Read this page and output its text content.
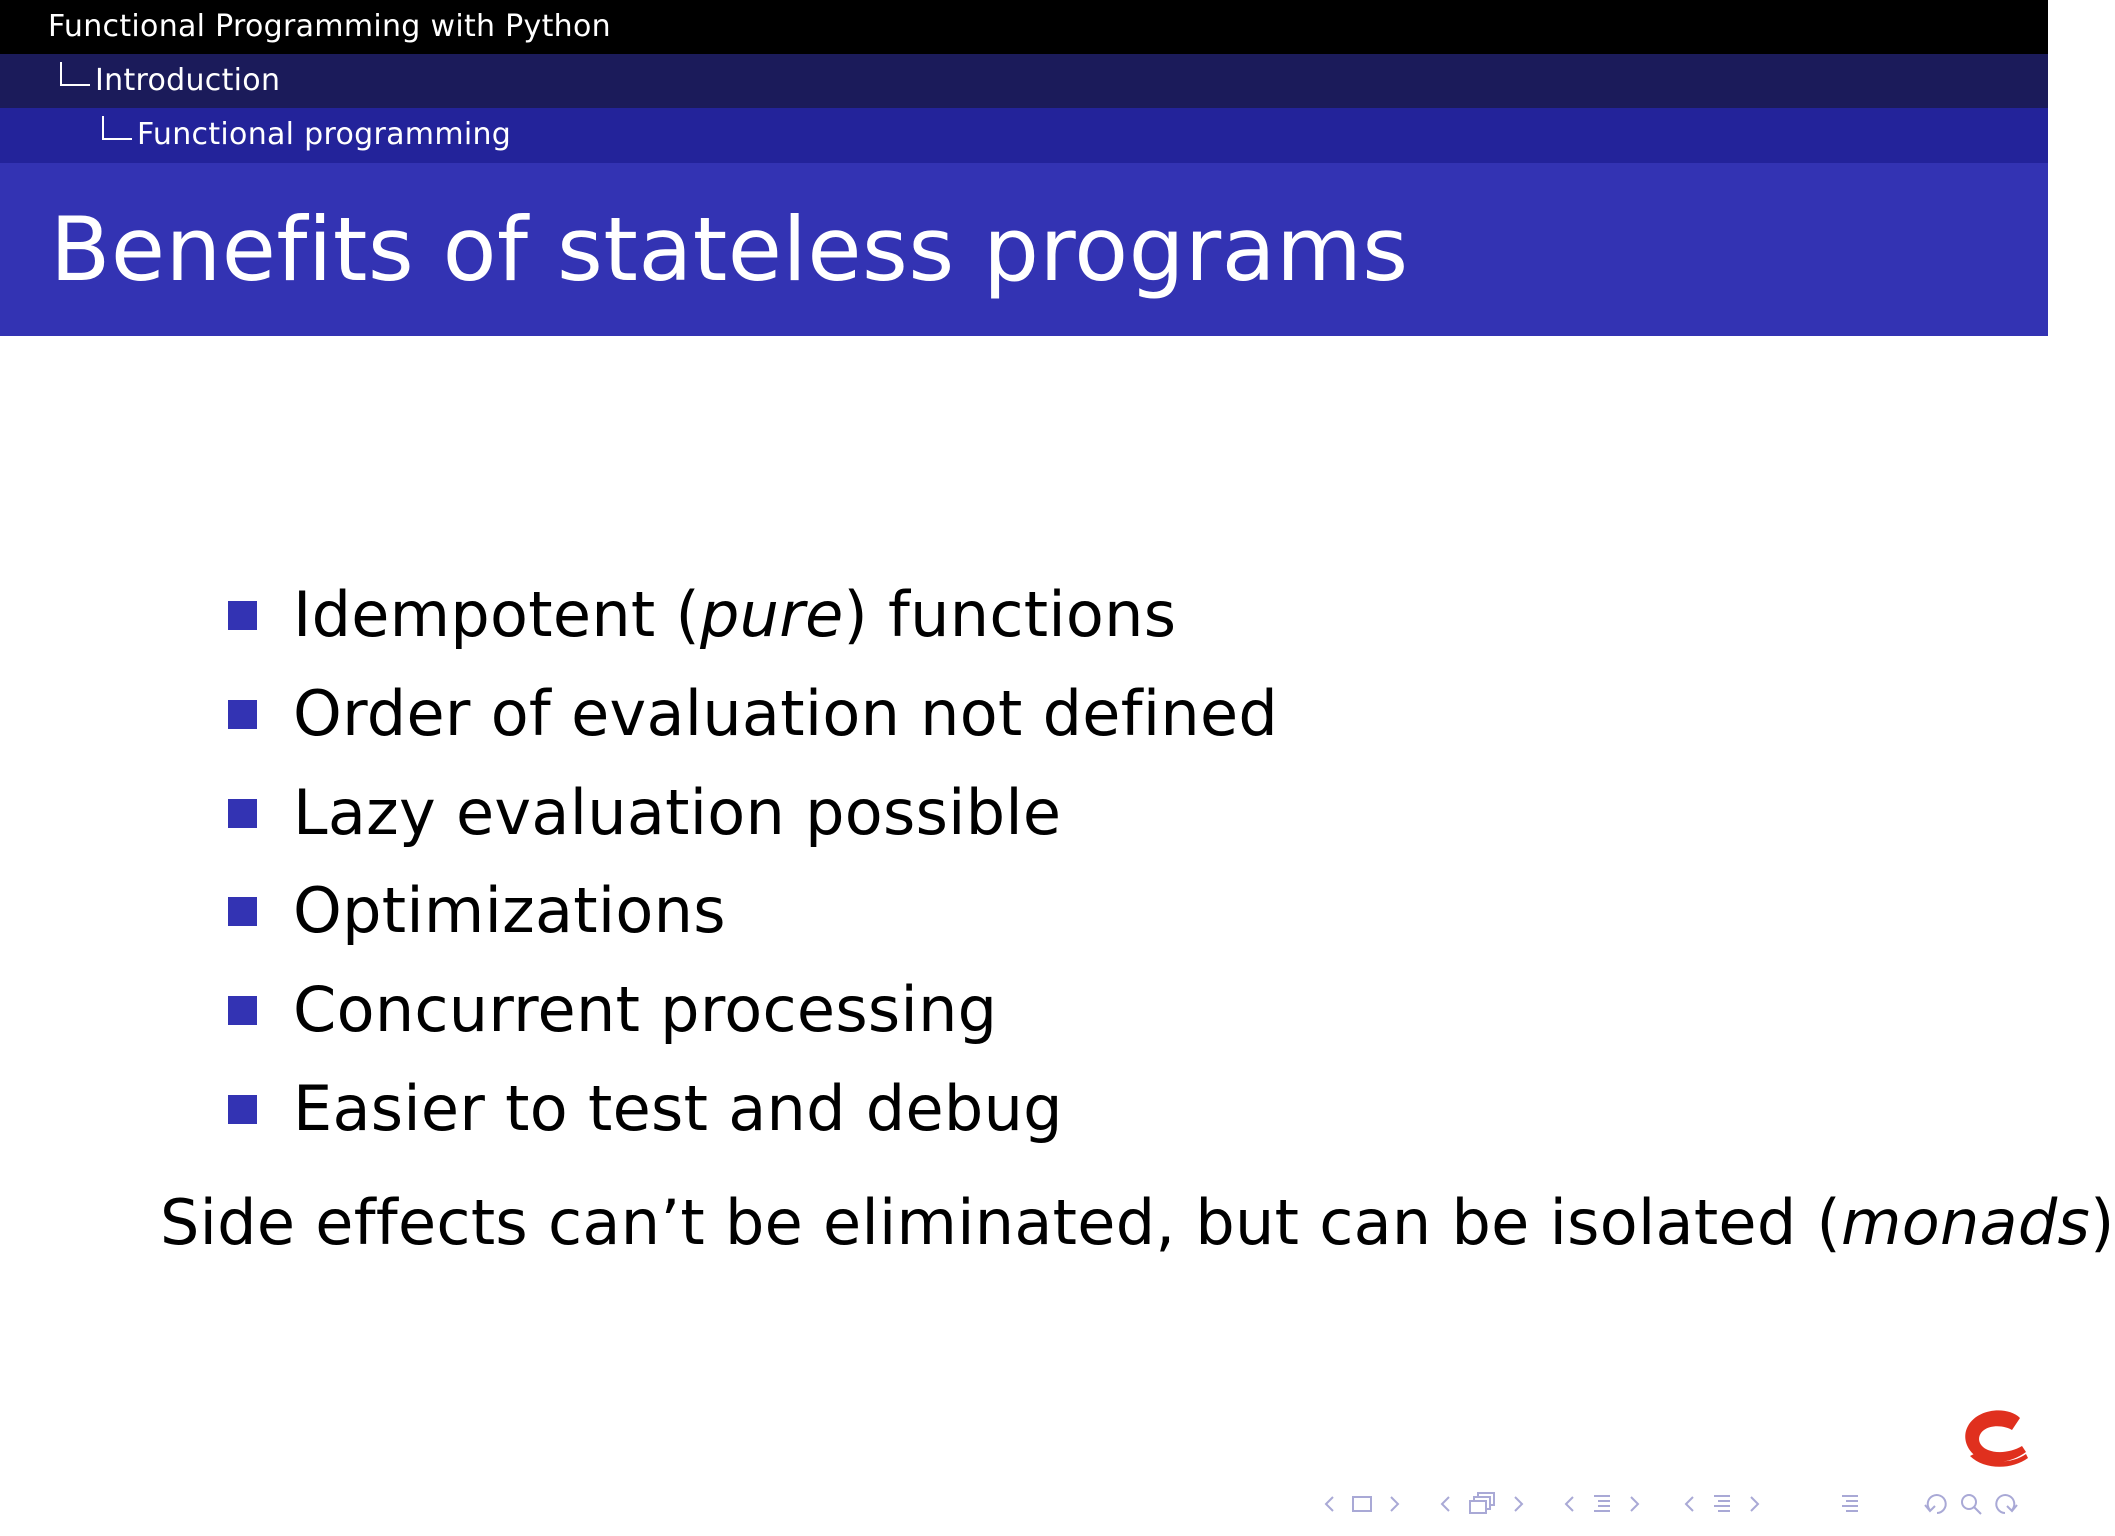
Functional Programming with Python
Introduction
Functional programming
Benefits of stateless programs
Idempotent (pure) functions
Order of evaluation not defined
Lazy evaluation possible
Optimizations
Concurrent processing
Easier to test and debug
Side effects can’t be eliminated, but can be isolated (monads)
